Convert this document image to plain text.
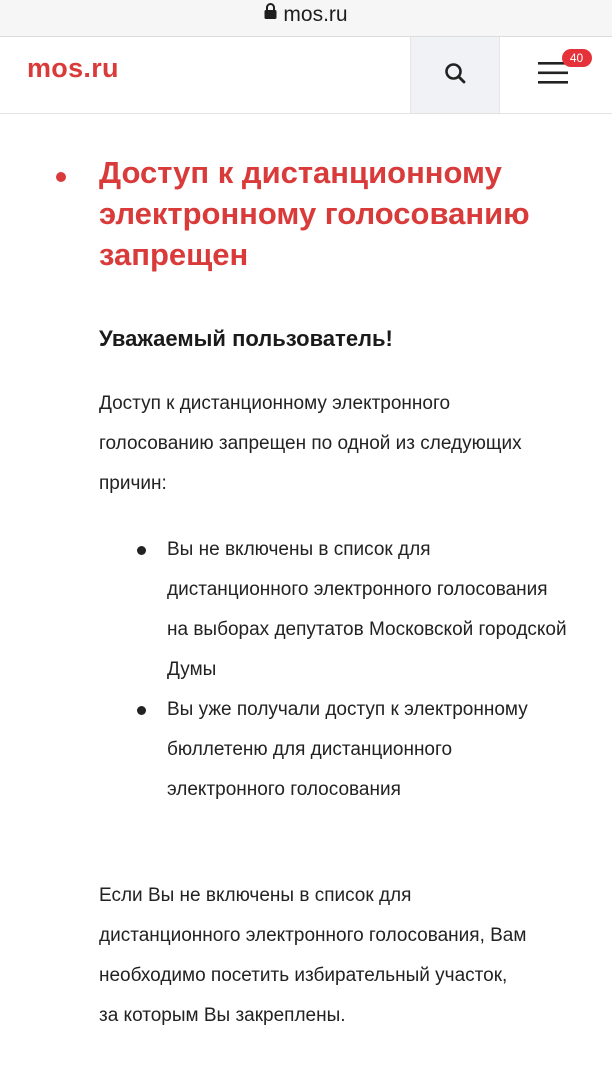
mos.ru
mos.ru	40
Доступ к дистанционному электронному голосованию запрещен

Уважаемый пользователь!

Доступ к дистанционному электронного голосованию запрещен по одной из следующих причин:

Вы не включены в список для дистанционного электронного голосования на выборах депутатов Московской городской Думы
Вы уже получали доступ к электронному бюллетеню для дистанционного электронного голосования

Если Вы не включены в список для дистанционного электронного голосования, Вам необходимо посетить избирательный участок, за которым Вы закреплены.
